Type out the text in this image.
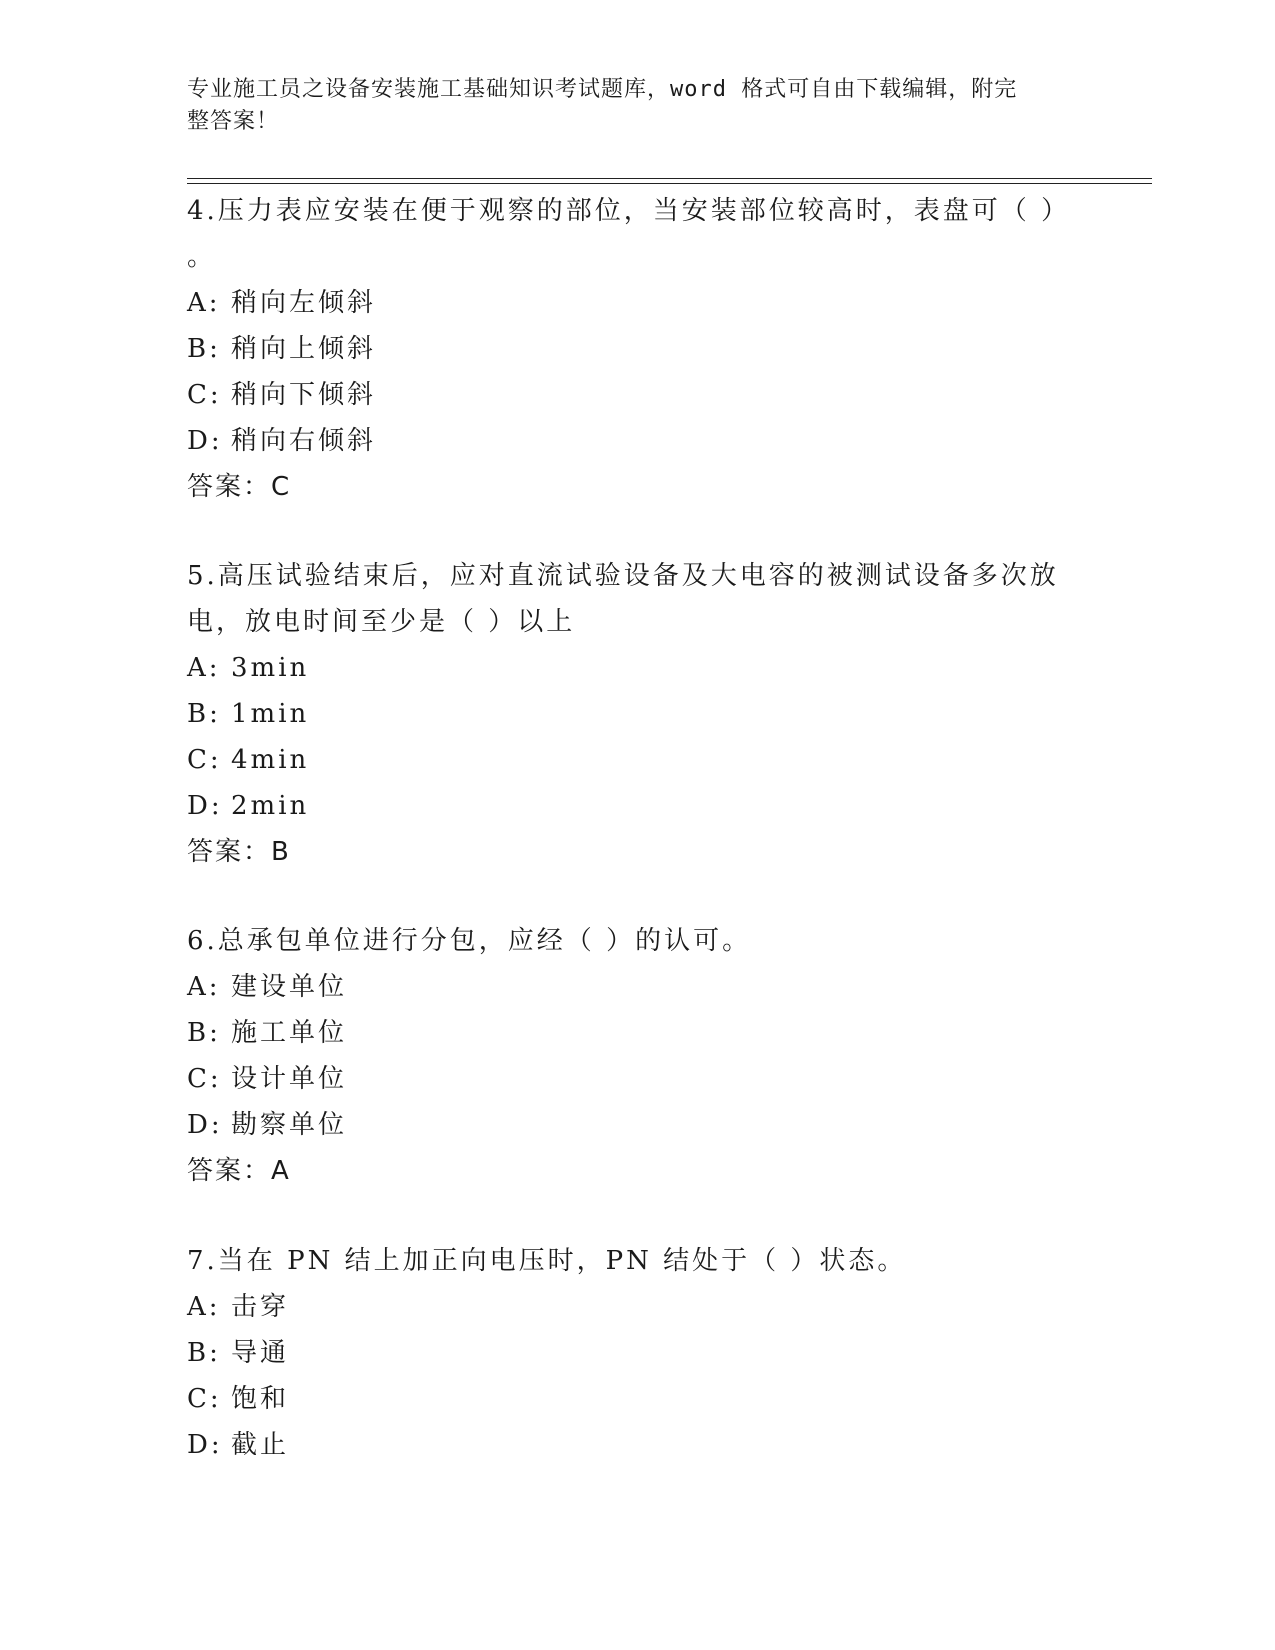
专业施工员之设备安装施工基础知识考试题库，word 格式可自由下载编辑，附完
整答案！
4.压力表应安装在便于观察的部位，当安装部位较高时，表盘可（ ）
。
A: 稍向左倾斜
B: 稍向上倾斜
C: 稍向下倾斜
D: 稍向右倾斜
答案：C
5.高压试验结束后，应对直流试验设备及大电容的被测试设备多次放
电，放电时间至少是（ ）以上
A: 3min
B: 1min
C: 4min
D: 2min
答案：B
6.总承包单位进行分包，应经（ ）的认可。
A: 建设单位
B: 施工单位
C: 设计单位
D: 勘察单位
答案：A
7.当在 PN 结上加正向电压时，PN 结处于（ ）状态。
A: 击穿
B: 导通
C: 饱和
D: 截止
